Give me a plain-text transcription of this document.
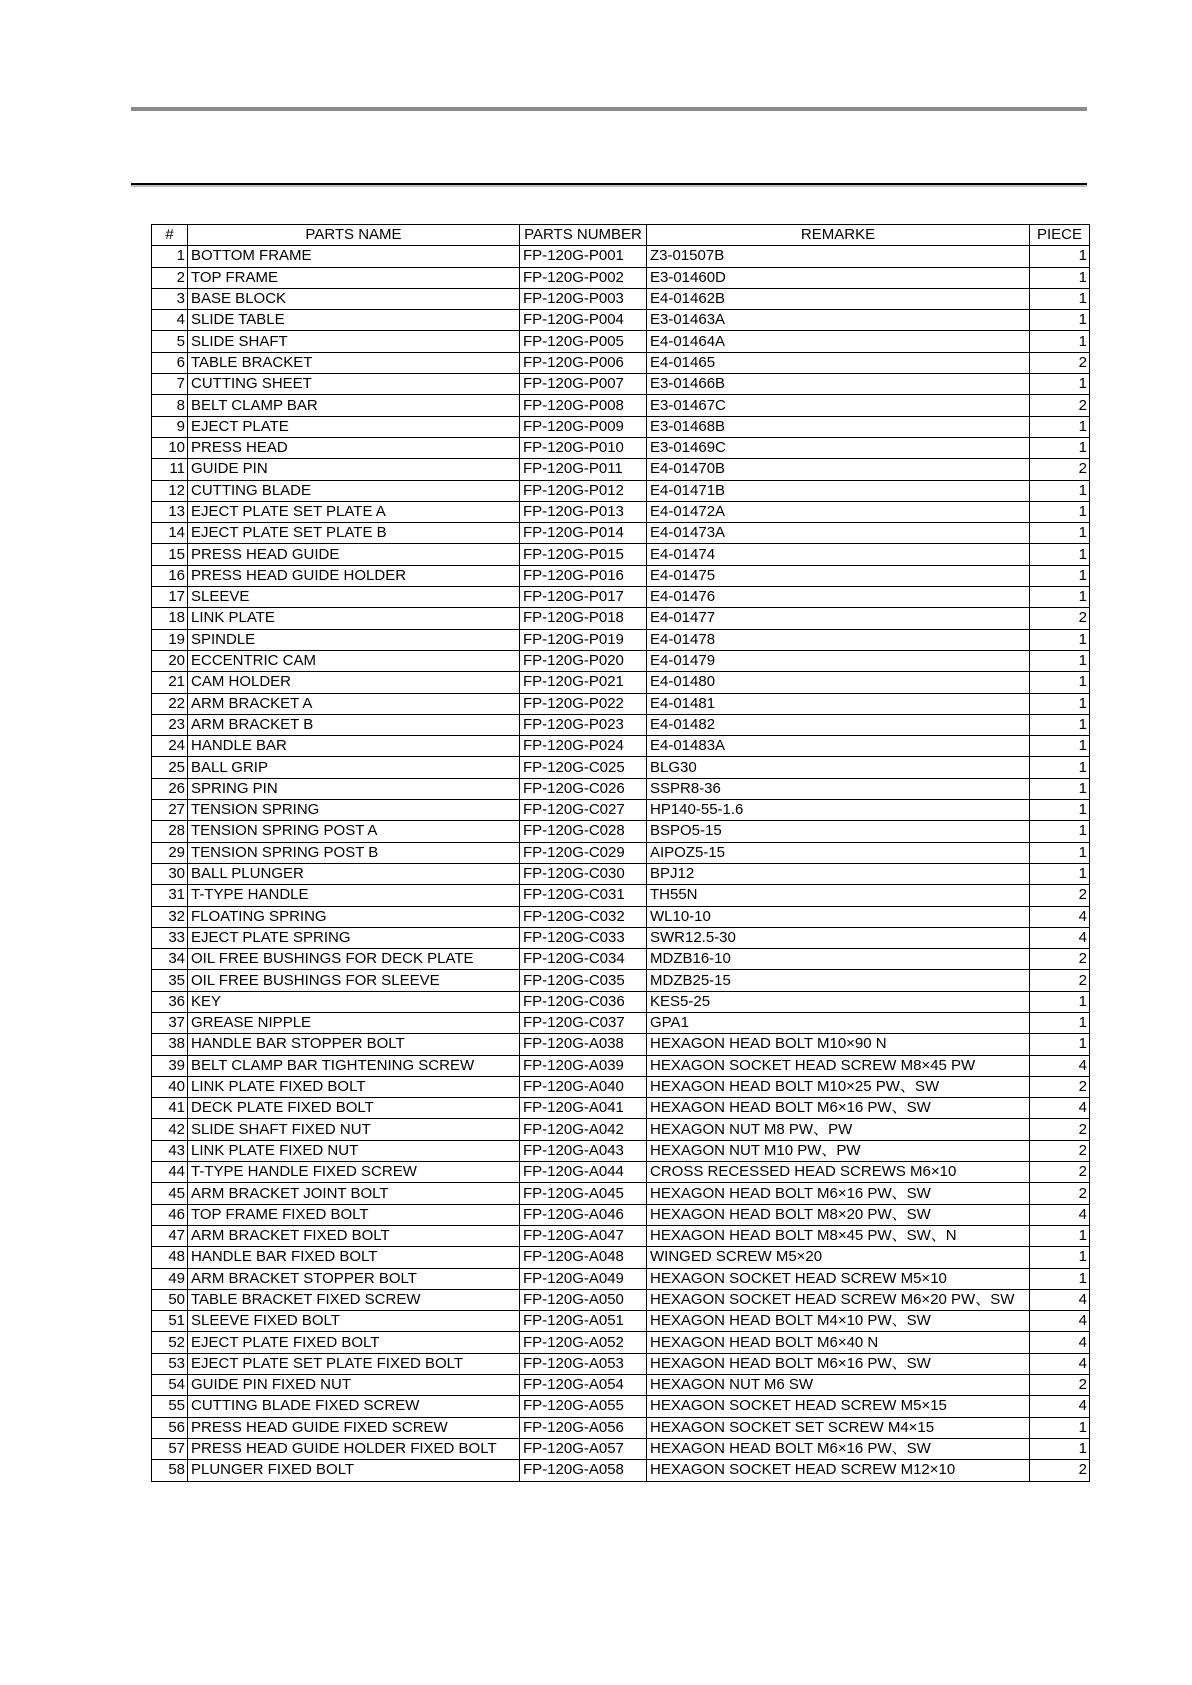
#	PARTS NAME	PARTS NUMBER	REMARKE	PIECE
1	BOTTOM FRAME	FP-120G-P001	Z3-01507B	1
2	TOP FRAME	FP-120G-P002	E3-01460D	1
3	BASE BLOCK	FP-120G-P003	E4-01462B	1
4	SLIDE TABLE	FP-120G-P004	E3-01463A	1
5	SLIDE SHAFT	FP-120G-P005	E4-01464A	1
6	TABLE BRACKET	FP-120G-P006	E4-01465	2
7	CUTTING SHEET	FP-120G-P007	E3-01466B	1
8	BELT CLAMP BAR	FP-120G-P008	E3-01467C	2
9	EJECT PLATE	FP-120G-P009	E3-01468B	1
10	PRESS HEAD	FP-120G-P010	E3-01469C	1
11	GUIDE PIN	FP-120G-P011	E4-01470B	2
12	CUTTING BLADE	FP-120G-P012	E4-01471B	1
13	EJECT PLATE SET PLATE A	FP-120G-P013	E4-01472A	1
14	EJECT PLATE SET PLATE B	FP-120G-P014	E4-01473A	1
15	PRESS HEAD GUIDE	FP-120G-P015	E4-01474	1
16	PRESS HEAD GUIDE HOLDER	FP-120G-P016	E4-01475	1
17	SLEEVE	FP-120G-P017	E4-01476	1
18	LINK PLATE	FP-120G-P018	E4-01477	2
19	SPINDLE	FP-120G-P019	E4-01478	1
20	ECCENTRIC CAM	FP-120G-P020	E4-01479	1
21	CAM HOLDER	FP-120G-P021	E4-01480	1
22	ARM BRACKET A	FP-120G-P022	E4-01481	1
23	ARM BRACKET B	FP-120G-P023	E4-01482	1
24	HANDLE BAR	FP-120G-P024	E4-01483A	1
25	BALL GRIP	FP-120G-C025	BLG30	1
26	SPRING PIN	FP-120G-C026	SSPR8-36	1
27	TENSION SPRING	FP-120G-C027	HP140-55-1.6	1
28	TENSION SPRING POST A	FP-120G-C028	BSPO5-15	1
29	TENSION SPRING POST B	FP-120G-C029	AIPOZ5-15	1
30	BALL PLUNGER	FP-120G-C030	BPJ12	1
31	T-TYPE HANDLE	FP-120G-C031	TH55N	2
32	FLOATING SPRING	FP-120G-C032	WL10-10	4
33	EJECT PLATE SPRING	FP-120G-C033	SWR12.5-30	4
34	OIL FREE BUSHINGS FOR DECK PLATE	FP-120G-C034	MDZB16-10	2
35	OIL FREE BUSHINGS FOR SLEEVE	FP-120G-C035	MDZB25-15	2
36	KEY	FP-120G-C036	KES5-25	1
37	GREASE NIPPLE	FP-120G-C037	GPA1	1
38	HANDLE BAR STOPPER BOLT	FP-120G-A038	HEXAGON HEAD BOLT M10×90 N	1
39	BELT CLAMP BAR TIGHTENING SCREW	FP-120G-A039	HEXAGON SOCKET HEAD SCREW M8×45 PW	4
40	LINK PLATE FIXED BOLT	FP-120G-A040	HEXAGON HEAD BOLT M10×25 PW、SW	2
41	DECK PLATE FIXED BOLT	FP-120G-A041	HEXAGON HEAD BOLT M6×16 PW、SW	4
42	SLIDE SHAFT FIXED NUT	FP-120G-A042	HEXAGON NUT M8 PW、PW	2
43	LINK PLATE FIXED NUT	FP-120G-A043	HEXAGON NUT M10 PW、PW	2
44	T-TYPE HANDLE FIXED SCREW	FP-120G-A044	CROSS RECESSED HEAD SCREWS M6×10	2
45	ARM BRACKET JOINT BOLT	FP-120G-A045	HEXAGON HEAD BOLT M6×16 PW、SW	2
46	TOP FRAME FIXED BOLT	FP-120G-A046	HEXAGON HEAD BOLT M8×20 PW、SW	4
47	ARM BRACKET FIXED BOLT	FP-120G-A047	HEXAGON HEAD BOLT M8×45 PW、SW、N	1
48	HANDLE BAR FIXED BOLT	FP-120G-A048	WINGED SCREW M5×20	1
49	ARM BRACKET STOPPER BOLT	FP-120G-A049	HEXAGON SOCKET HEAD SCREW M5×10	1
50	TABLE BRACKET FIXED SCREW	FP-120G-A050	HEXAGON SOCKET HEAD SCREW M6×20 PW、SW	4
51	SLEEVE FIXED BOLT	FP-120G-A051	HEXAGON HEAD BOLT M4×10 PW、SW	4
52	EJECT PLATE FIXED BOLT	FP-120G-A052	HEXAGON HEAD BOLT M6×40 N	4
53	EJECT PLATE SET PLATE FIXED BOLT	FP-120G-A053	HEXAGON HEAD BOLT M6×16 PW、SW	4
54	GUIDE PIN FIXED NUT	FP-120G-A054	HEXAGON NUT M6 SW	2
55	CUTTING BLADE FIXED SCREW	FP-120G-A055	HEXAGON SOCKET HEAD SCREW M5×15	4
56	PRESS HEAD GUIDE FIXED SCREW	FP-120G-A056	HEXAGON SOCKET SET SCREW M4×15	1
57	PRESS HEAD GUIDE HOLDER FIXED BOLT	FP-120G-A057	HEXAGON HEAD BOLT M6×16 PW、SW	1
58	PLUNGER FIXED BOLT	FP-120G-A058	HEXAGON SOCKET HEAD SCREW M12×10	2
